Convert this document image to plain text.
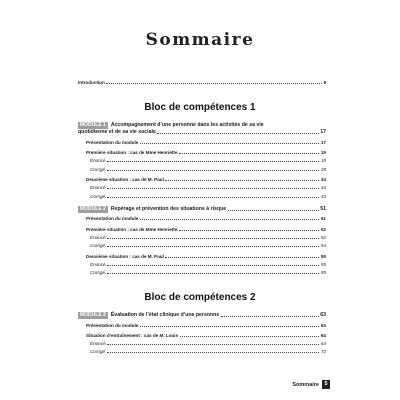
Sommaire
Introduction	9
Bloc de compétences 1
MODULE 1 Accompagnement d’une personne dans les activités de sa vie
quotidienne et de sa vie sociale	17
Présentation du module	17
Première situation : cas de Mme Henriette	19
Énoncé	19
Corrigé	28
Deuxième situation : cas de M. Paul	34
Énoncé	34
Corrigé	43
MODULE 2 Repérage et prévention des situations à risque	51
Présentation du module	51
Première situation : cas de Mme Henriette	52
Énoncé	52
Corrigé	54
Deuxième situation : cas de M. Paul	55
Énoncé	55
Corrigé	59
Bloc de compétences 2
MODULE 3 Évaluation de l’état clinique d’une personne	63
Présentation du module	63
Situation d’entraînement : cas de M. Louis	64
Énoncé	64
Corrigé	72
Sommaire 5
